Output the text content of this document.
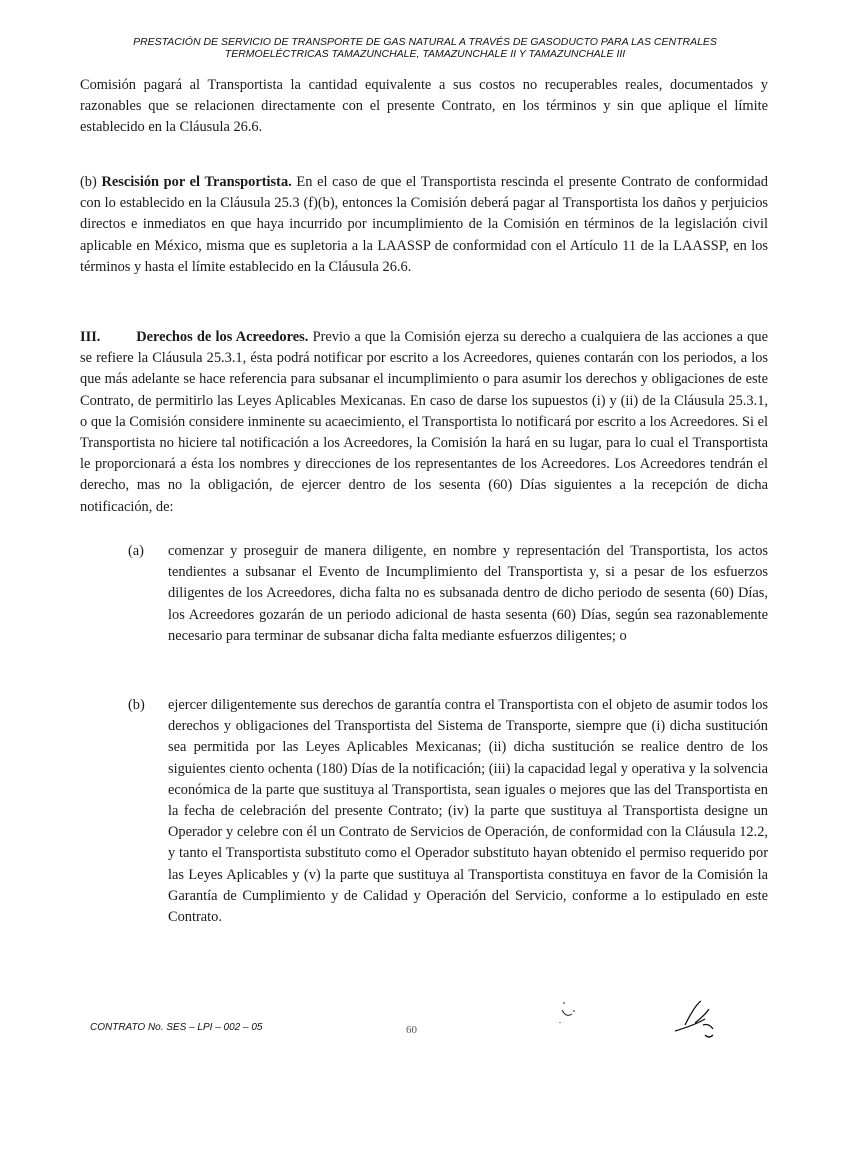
PRESTACIÓN DE SERVICIO DE TRANSPORTE DE GAS NATURAL A TRAVÉS DE GASODUCTO PARA LAS CENTRALES
TERMOELÉCTRICAS TAMAZUNCHALE, TAMAZUNCHALE II Y TAMAZUNCHALE III
Comisión pagará al Transportista la cantidad equivalente a sus costos no recuperables reales, documentados y razonables que se relacionen directamente con el presente Contrato, en los términos y sin que aplique el límite establecido en la Cláusula 26.6.
(b) Rescisión por el Transportista. En el caso de que el Transportista rescinda el presente Contrato de conformidad con lo establecido en la Cláusula 25.3 (f)(b), entonces la Comisión deberá pagar al Transportista los daños y perjuicios directos e inmediatos en que haya incurrido por incumplimiento de la Comisión en términos de la legislación civil aplicable en México, misma que es supletoria a la LAASSP de conformidad con el Artículo 11 de la LAASSP, en los términos y hasta el límite establecido en la Cláusula 26.6.
III. Derechos de los Acreedores. Previo a que la Comisión ejerza su derecho a cualquiera de las acciones a que se refiere la Cláusula 25.3.1, ésta podrá notificar por escrito a los Acreedores, quienes contarán con los periodos, a los que más adelante se hace referencia para subsanar el incumplimiento o para asumir los derechos y obligaciones de este Contrato, de permitirlo las Leyes Aplicables Mexicanas. En caso de darse los supuestos (i) y (ii) de la Cláusula 25.3.1, o que la Comisión considere inminente su acaecimiento, el Transportista lo notificará por escrito a los Acreedores. Si el Transportista no hiciere tal notificación a los Acreedores, la Comisión la hará en su lugar, para lo cual el Transportista le proporcionará a ésta los nombres y direcciones de los representantes de los Acreedores. Los Acreedores tendrán el derecho, mas no la obligación, de ejercer dentro de los sesenta (60) Días siguientes a la recepción de dicha notificación, de:
(a)	comenzar y proseguir de manera diligente, en nombre y representación del Transportista, los actos tendientes a subsanar el Evento de Incumplimiento del Transportista y, si a pesar de los esfuerzos diligentes de los Acreedores, dicha falta no es subsanada dentro de dicho periodo de sesenta (60) Días, los Acreedores gozarán de un periodo adicional de hasta sesenta (60) Días, según sea razonablemente necesario para terminar de subsanar dicha falta mediante esfuerzos diligentes; o
(b)	ejercer diligentemente sus derechos de garantía contra el Transportista con el objeto de asumir todos los derechos y obligaciones del Transportista del Sistema de Transporte, siempre que (i) dicha sustitución sea permitida por las Leyes Aplicables Mexicanas; (ii) dicha sustitución se realice dentro de los siguientes ciento ochenta (180) Días de la notificación; (iii) la capacidad legal y operativa y la solvencia económica de la parte que sustituya al Transportista, sean iguales o mejores que las del Transportista en la fecha de celebración del presente Contrato; (iv) la parte que sustituya al Transportista designe un Operador y celebre con él un Contrato de Servicios de Operación, de conformidad con la Cláusula 12.2, y tanto el Transportista substituto como el Operador substituto hayan obtenido el permiso requerido por las Leyes Aplicables y (v) la parte que sustituya al Transportista constituya en favor de la Comisión la Garantía de Cumplimiento y de Calidad y Operación del Servicio, conforme a lo estipulado en este Contrato.
CONTRATO No. SES – LPI – 002 – 05	60
